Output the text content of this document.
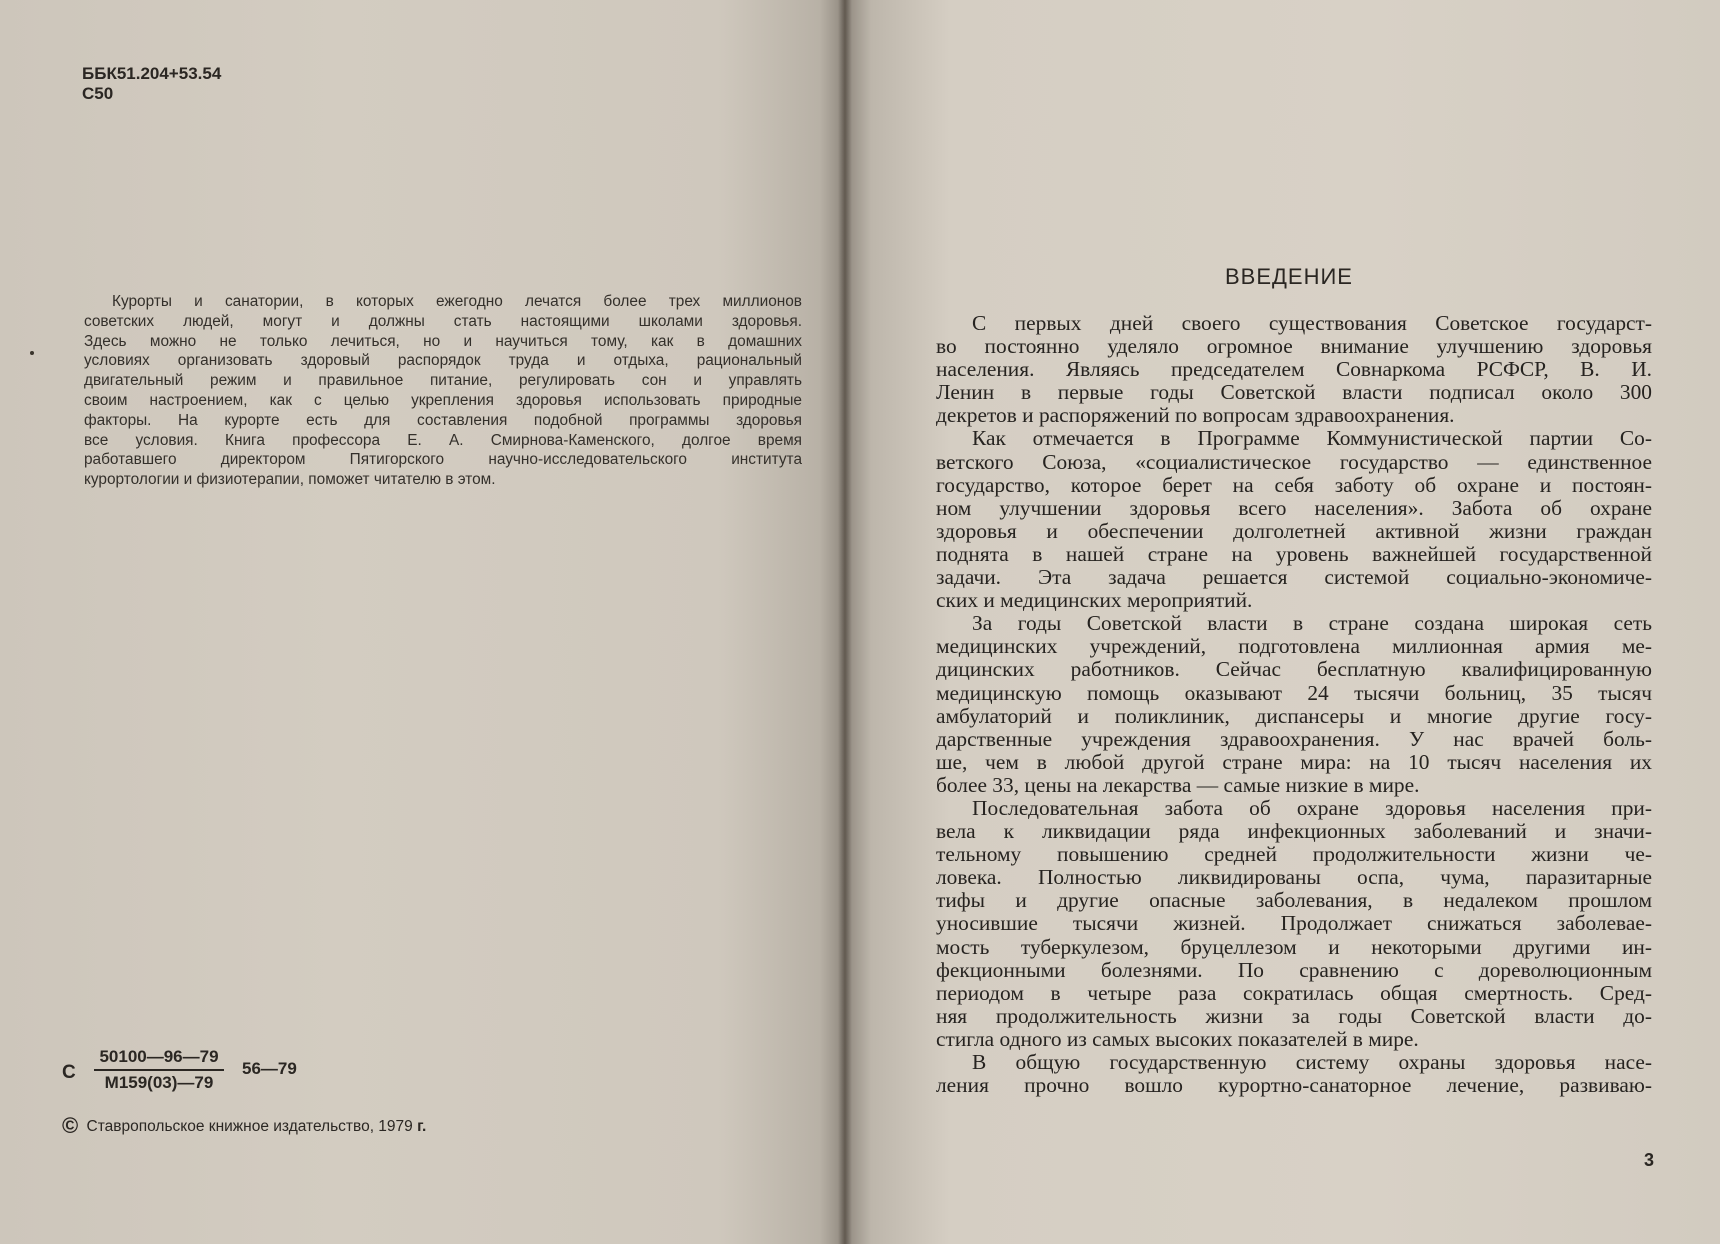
ББК51.204+53.54
С50
Курорты и санатории, в которых ежегодно лечатся более трех миллионов
советских людей, могут и должны стать настоящими школами здоровья.
Здесь можно не только лечиться, но и научиться тому, как в домашних
условиях организовать здоровый распорядок труда и отдыха, рациональный
двигательный режим и правильное питание, регулировать сон и управлять
своим настроением, как с целью укрепления здоровья использовать природные
факторы. На курорте есть для составления подобной программы здоровья
все условия. Книга профессора Е. А. Смирнова-Каменского, долгое время
работавшего директором Пятигорского научно-исследовательского института
курортологии и физиотерапии, поможет читателю в этом.
С
50100—96—79
М159(03)—79
56—79
© Ставропольское книжное издательство, 1979 г.
ВВЕДЕНИЕ
С первых дней своего существования Советское государст-
во постоянно уделяло огромное внимание улучшению здоровья
населения. Являясь председателем Совнаркома РСФСР, В. И.
Ленин в первые годы Советской власти подписал около 300
декретов и распоряжений по вопросам здравоохранения.
Как отмечается в Программе Коммунистической партии Со-
ветского Союза, «социалистическое государство — единственное
государство, которое берет на себя заботу об охране и постоян-
ном улучшении здоровья всего населения». Забота об охране
здоровья и обеспечении долголетней активной жизни граждан
поднята в нашей стране на уровень важнейшей государственной
задачи. Эта задача решается системой социально-экономиче-
ских и медицинских мероприятий.
За годы Советской власти в стране создана широкая сеть
медицинских учреждений, подготовлена миллионная армия ме-
дицинских работников. Сейчас бесплатную квалифицированную
медицинскую помощь оказывают 24 тысячи больниц, 35 тысяч
амбулаторий и поликлиник, диспансеры и многие другие госу-
дарственные учреждения здравоохранения. У нас врачей боль-
ше, чем в любой другой стране мира: на 10 тысяч населения их
более 33, цены на лекарства — самые низкие в мире.
Последовательная забота об охране здоровья населения при-
вела к ликвидации ряда инфекционных заболеваний и значи-
тельному повышению средней продолжительности жизни че-
ловека. Полностью ликвидированы оспа, чума, паразитарные
тифы и другие опасные заболевания, в недалеком прошлом
уносившие тысячи жизней. Продолжает снижаться заболевае-
мость туберкулезом, бруцеллезом и некоторыми другими ин-
фекционными болезнями. По сравнению с дореволюционным
периодом в четыре раза сократилась общая смертность. Сред-
няя продолжительность жизни за годы Советской власти до-
стигла одного из самых высоких показателей в мире.
В общую государственную систему охраны здоровья насе-
ления прочно вошло курортно-санаторное лечение, развиваю-
3
